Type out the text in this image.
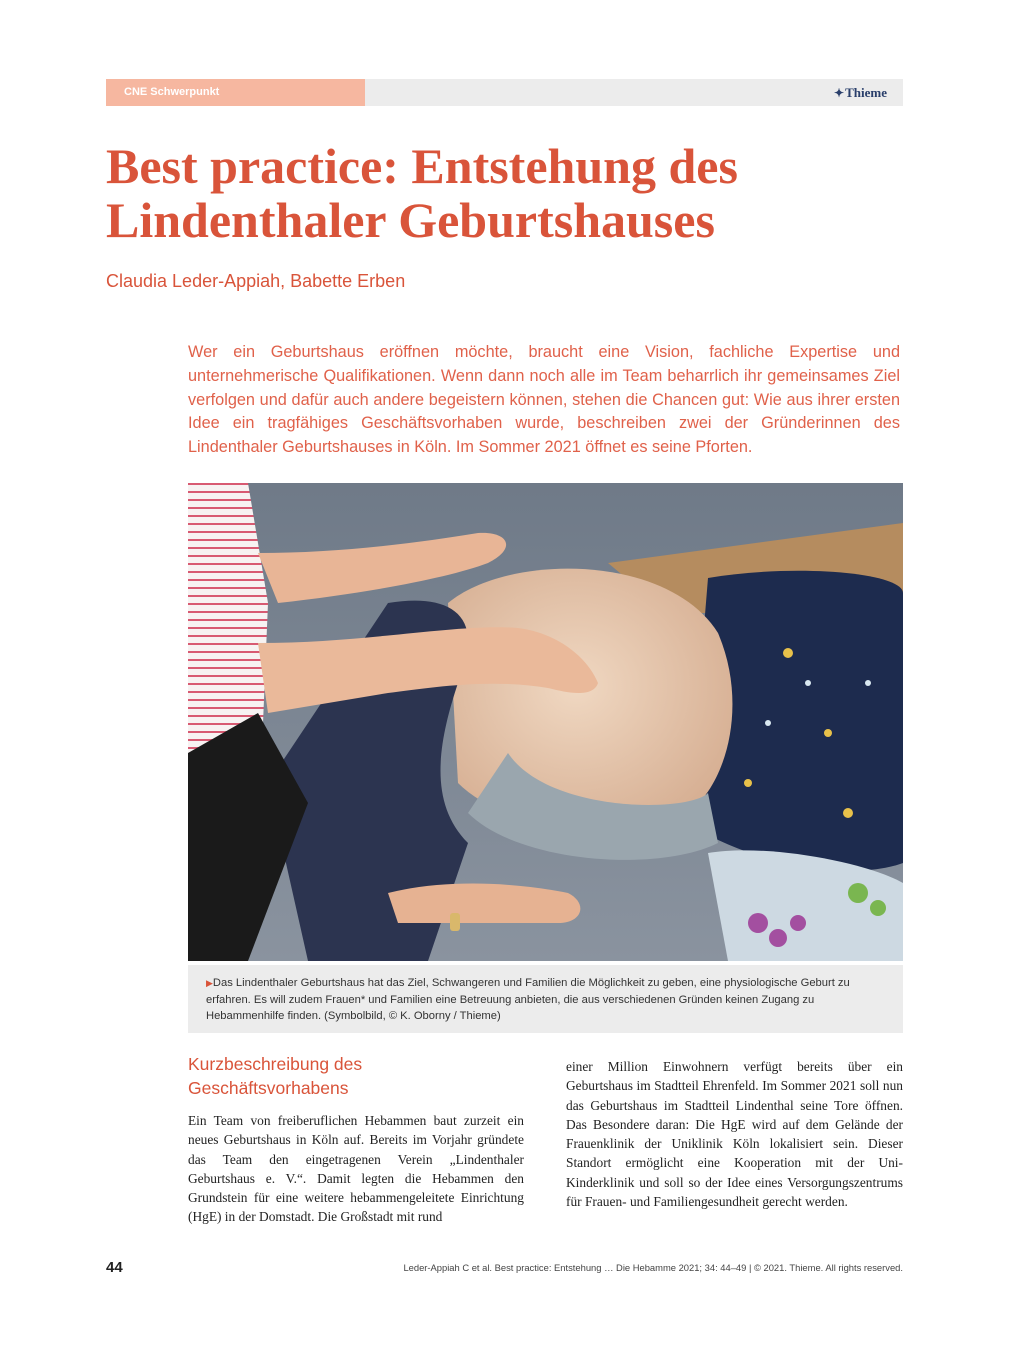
CNE Schwerpunkt	✦Thieme
Best practice: Entstehung des Lindenthaler Geburtshauses

Claudia Leder-Appiah, Babette Erben

Wer ein Geburtshaus eröffnen möchte, braucht eine Vision, fachliche Expertise und unternehmerische Qualifikationen. Wenn dann noch alle im Team beharrlich ihr gemeinsames Ziel verfolgen und dafür auch andere begeistern können, stehen die Chancen gut: Wie aus ihrer ersten Idee ein tragfähiges Geschäftsvorhaben wurde, beschreiben zwei der Gründerinnen des Lindenthaler Geburtshauses in Köln. Im Sommer 2021 öffnet es seine Pforten.

▶Das Lindenthaler Geburtshaus hat das Ziel, Schwangeren und Familien die Möglichkeit zu geben, eine physiologische Geburt zu erfahren. Es will zudem Frauen* und Familien eine Betreuung anbieten, die aus verschiedenen Gründen keinen Zugang zu Hebammenhilfe finden. (Symbolbild, © K. Oborny / Thieme)
Kurzbeschreibung des Geschäftsvorhabens

Ein Team von freiberuflichen Hebammen baut zurzeit ein neues Geburtshaus in Köln auf. Bereits im Vorjahr gründete das Team den eingetragenen Verein „Lindenthaler Geburtshaus e. V.“. Damit legten die Hebammen den Grundstein für eine weitere hebammengeleitete Einrichtung (HgE) in der Domstadt. Die Großstadt mit rund

einer Million Einwohnern verfügt bereits über ein Geburtshaus im Stadtteil Ehrenfeld. Im Sommer 2021 soll nun das Geburtshaus im Stadtteil Lindenthal seine Tore öffnen. Das Besondere daran: Die HgE wird auf dem Gelände der Frauenklinik der Uniklinik Köln lokalisiert sein. Dieser Standort ermöglicht eine Kooperation mit der Uni-Kinderklinik und soll so der Idee eines Versorgungszentrums für Frauen- und Familiengesundheit gerecht werden.

44	Leder-Appiah C et al. Best practice: Entstehung … Die Hebamme 2021; 34: 44–49 | © 2021. Thieme. All rights reserved.
